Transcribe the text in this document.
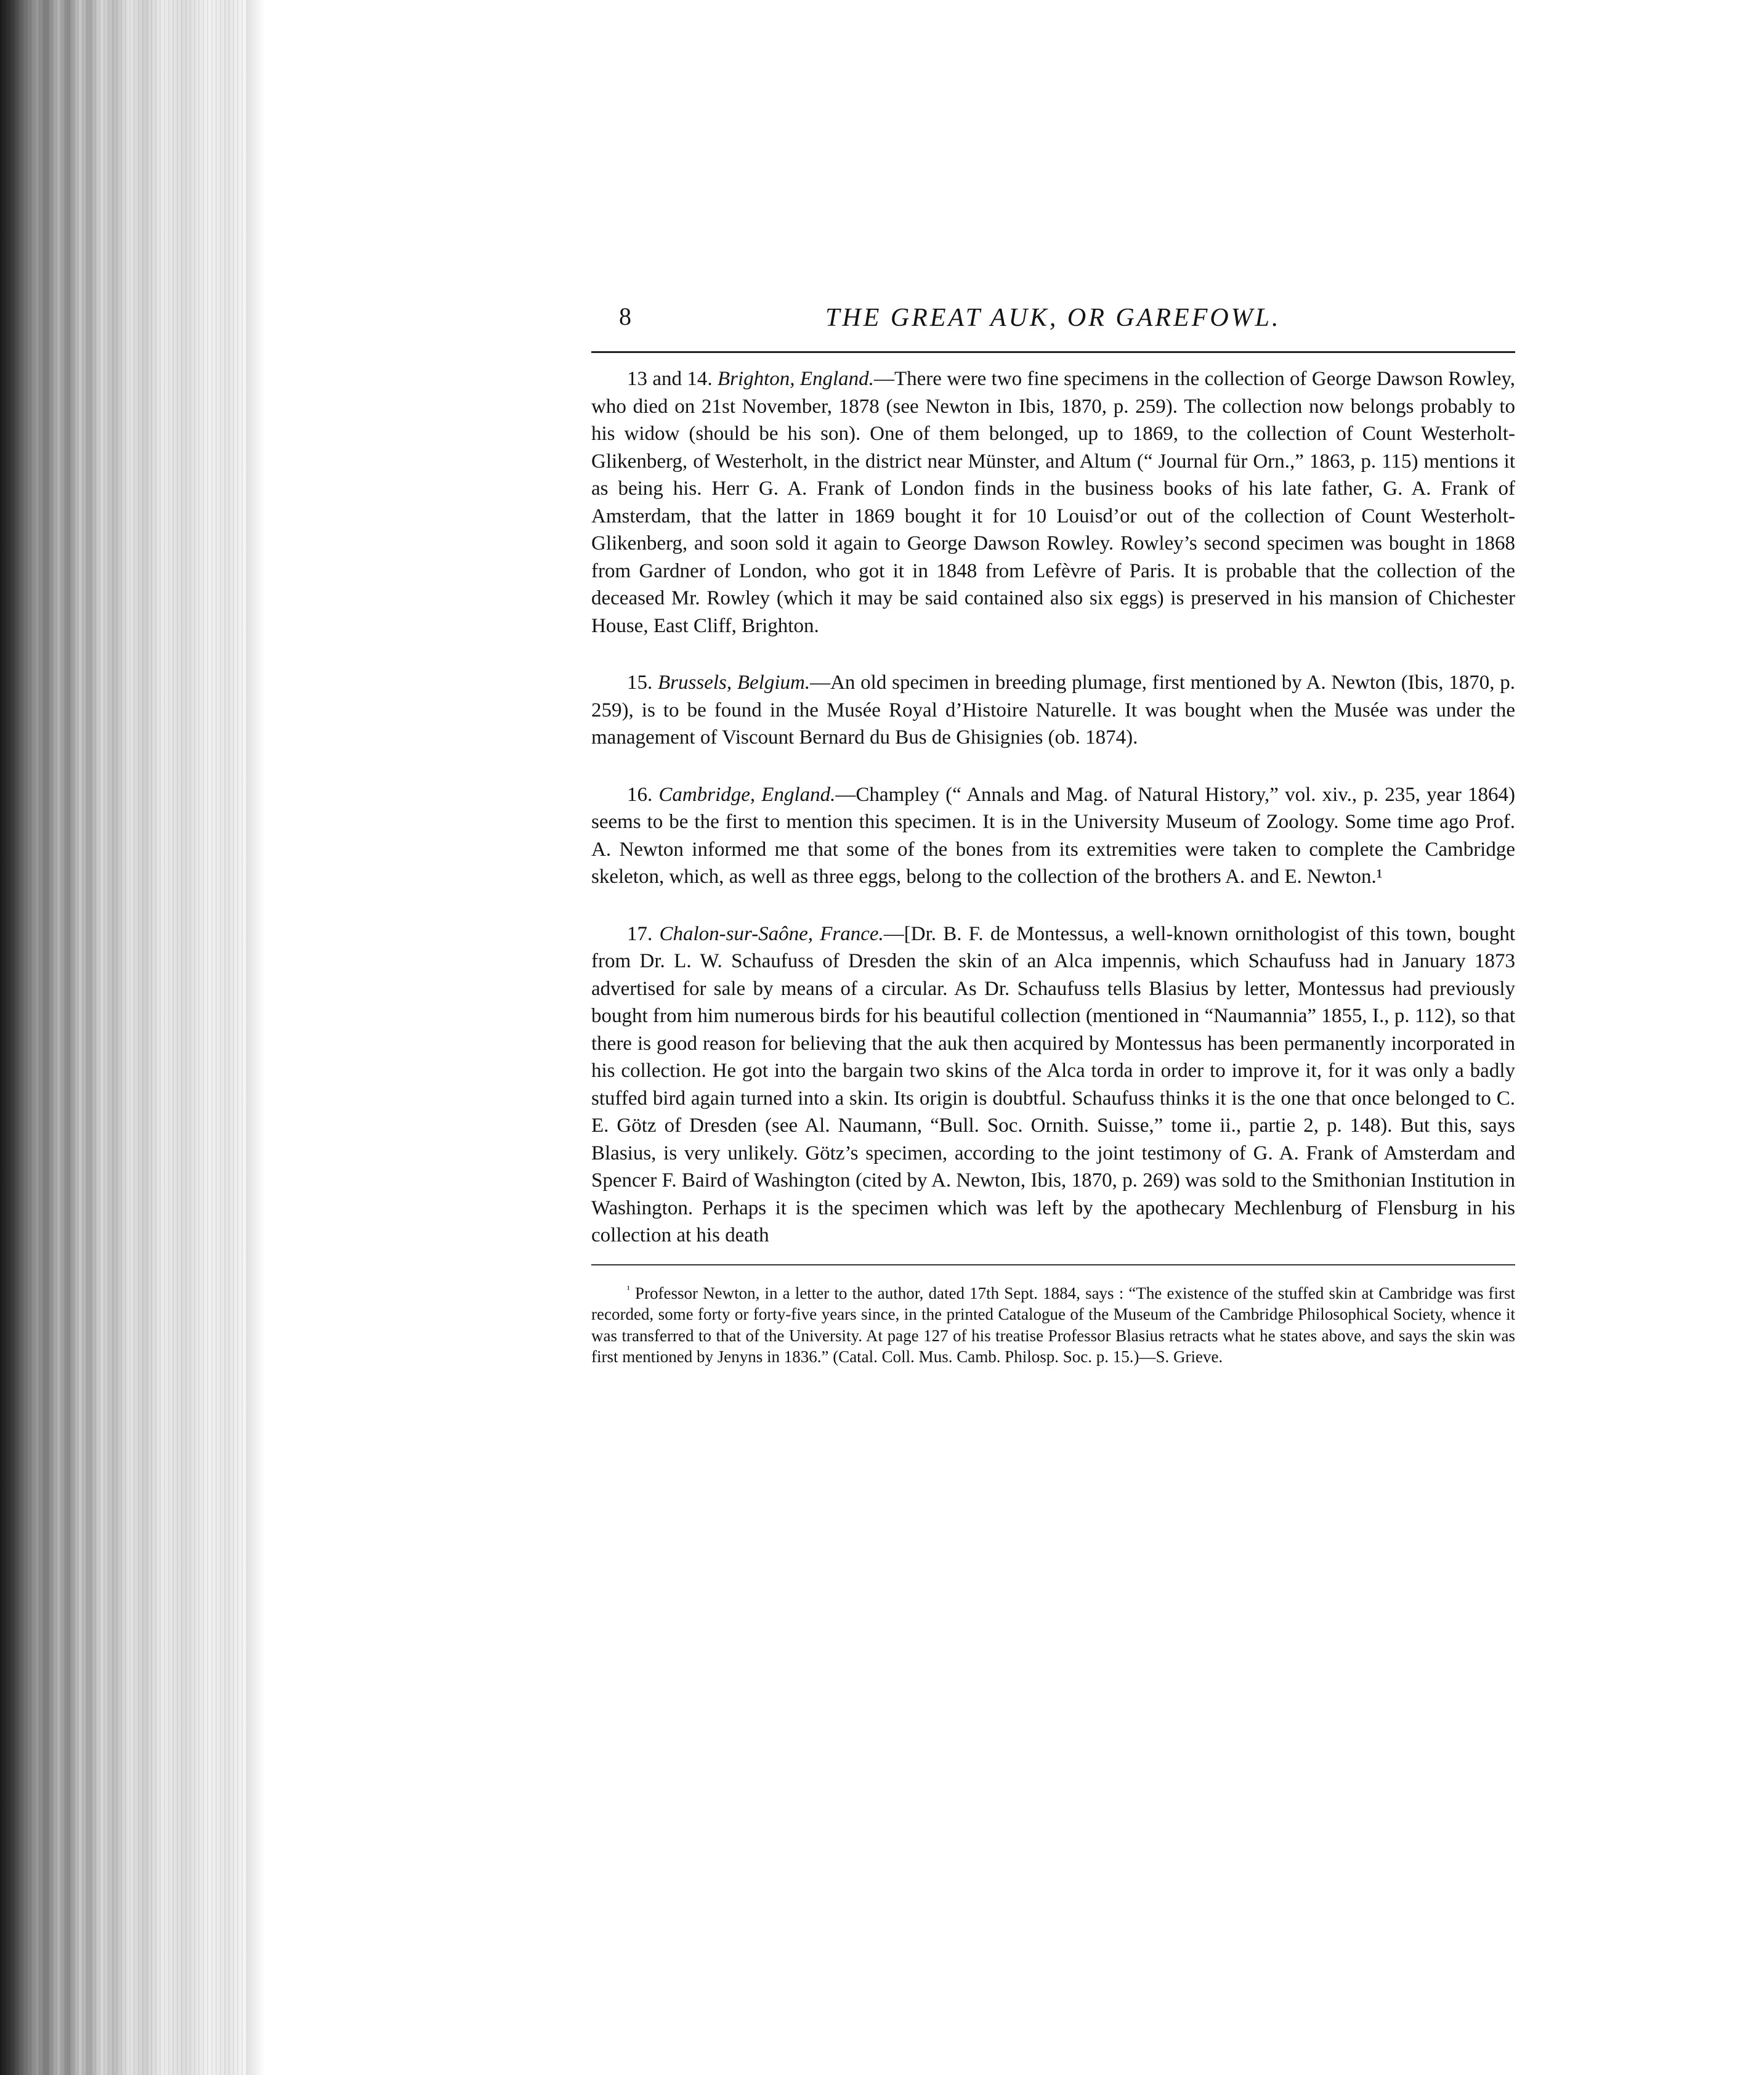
8	THE GREAT AUK, OR GAREFOWL.

13 and 14. Brighton, England.—There were two fine specimens in the collection of George Dawson Rowley, who died on 21st November, 1878 (see Newton in Ibis, 1870, p. 259). The collection now belongs probably to his widow (should be his son). One of them belonged, up to 1869, to the collection of Count Westerholt-Glikenberg, of Westerholt, in the district near Münster, and Altum (“ Journal für Orn.,” 1863, p. 115) mentions it as being his. Herr G. A. Frank of London finds in the business books of his late father, G. A. Frank of Amsterdam, that the latter in 1869 bought it for 10 Louisd’or out of the collection of Count Westerholt-Glikenberg, and soon sold it again to George Dawson Rowley. Rowley’s second specimen was bought in 1868 from Gardner of London, who got it in 1848 from Lefèvre of Paris. It is probable that the collection of the deceased Mr. Rowley (which it may be said contained also six eggs) is preserved in his mansion of Chichester House, East Cliff, Brighton.

15. Brussels, Belgium.—An old specimen in breeding plumage, first mentioned by A. Newton (Ibis, 1870, p. 259), is to be found in the Musée Royal d’Histoire Naturelle. It was bought when the Musée was under the management of Viscount Bernard du Bus de Ghisignies (ob. 1874).

16. Cambridge, England.—Champley (“ Annals and Mag. of Natural History,” vol. xiv., p. 235, year 1864) seems to be the first to mention this specimen. It is in the University Museum of Zoology. Some time ago Prof. A. Newton informed me that some of the bones from its extremities were taken to complete the Cambridge skeleton, which, as well as three eggs, belong to the collection of the brothers A. and E. Newton.¹

17. Chalon-sur-Saône, France.—[Dr. B. F. de Montessus, a well-known ornithologist of this town, bought from Dr. L. W. Schaufuss of Dresden the skin of an Alca impennis, which Schaufuss had in January 1873 advertised for sale by means of a circular. As Dr. Schaufuss tells Blasius by letter, Montessus had previously bought from him numerous birds for his beautiful collection (mentioned in “Naumannia” 1855, I., p. 112), so that there is good reason for believing that the auk then acquired by Montessus has been permanently incorporated in his collection. He got into the bargain two skins of the Alca torda in order to improve it, for it was only a badly stuffed bird again turned into a skin. Its origin is doubtful. Schaufuss thinks it is the one that once belonged to C. E. Götz of Dresden (see Al. Naumann, “Bull. Soc. Ornith. Suisse,” tome ii., partie 2, p. 148). But this, says Blasius, is very unlikely. Götz’s specimen, according to the joint testimony of G. A. Frank of Amsterdam and Spencer F. Baird of Washington (cited by A. Newton, Ibis, 1870, p. 269) was sold to the Smithonian Institution in Washington. Perhaps it is the specimen which was left by the apothecary Mechlenburg of Flensburg in his collection at his death

$^{^1}$ Professor Newton, in a letter to the author, dated 17th Sept. 1884, says : “The existence of the stuffed skin at Cambridge was first recorded, some forty or forty-five years since, in the printed Catalogue of the Museum of the Cambridge Philosophical Society, whence it was transferred to that of the University. At page 127 of his treatise Professor Blasius retracts what he states above, and says the skin was first mentioned by Jenyns in 1836.” (Catal. Coll. Mus. Camb. Philosp. Soc. p. 15.)—S. Grieve.
